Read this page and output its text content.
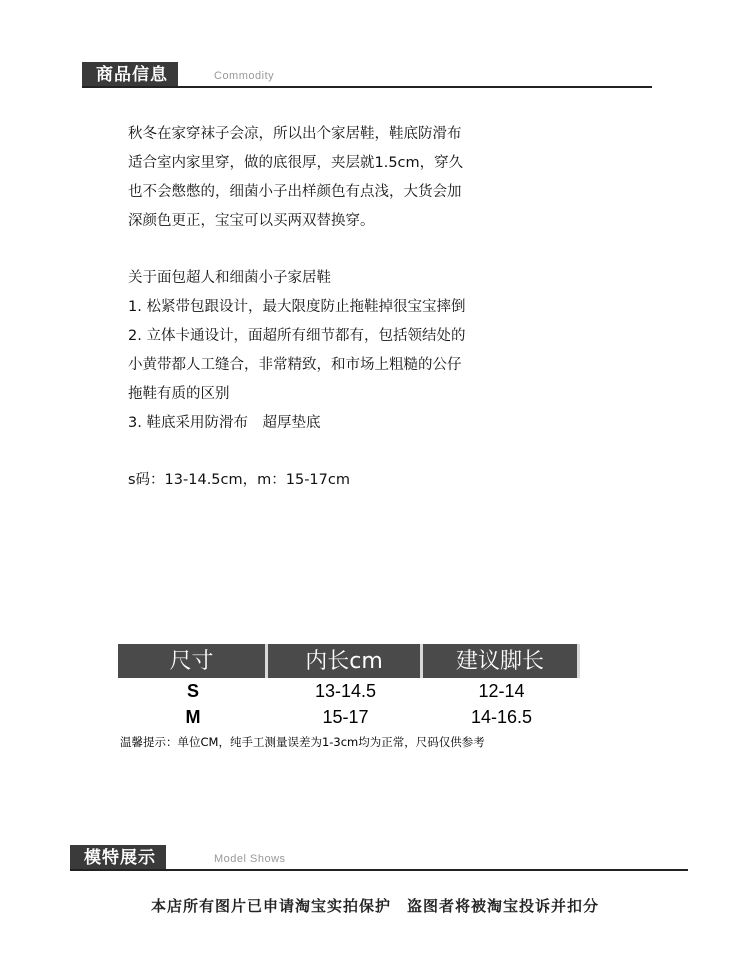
商品信息	Commodity
秋冬在家穿袜子会凉，所以出个家居鞋，鞋底防滑布
适合室内家里穿，做的底很厚，夹层就1.5cm，穿久
也不会憋憋的，细菌小子出样颜色有点浅，大货会加
深颜色更正，宝宝可以买两双替换穿。
关于面包超人和细菌小子家居鞋
1. 松紧带包跟设计，最大限度防止拖鞋掉很宝宝摔倒
2. 立体卡通设计，面超所有细节都有，包括领结处的
小黄带都人工缝合，非常精致，和市场上粗糙的公仔
拖鞋有质的区别
3. 鞋底采用防滑布　超厚垫底
s码：13-14.5cm，m：15-17cm
尺寸	内长cm	建议脚长
S	13-14.5	12-14
M	15-17	14-16.5
温馨提示：单位CM，纯手工测量误差为1-3cm均为正常，尺码仅供参考
模特展示	Model Shows
本店所有图片已申请淘宝实拍保护　盗图者将被淘宝投诉并扣分
